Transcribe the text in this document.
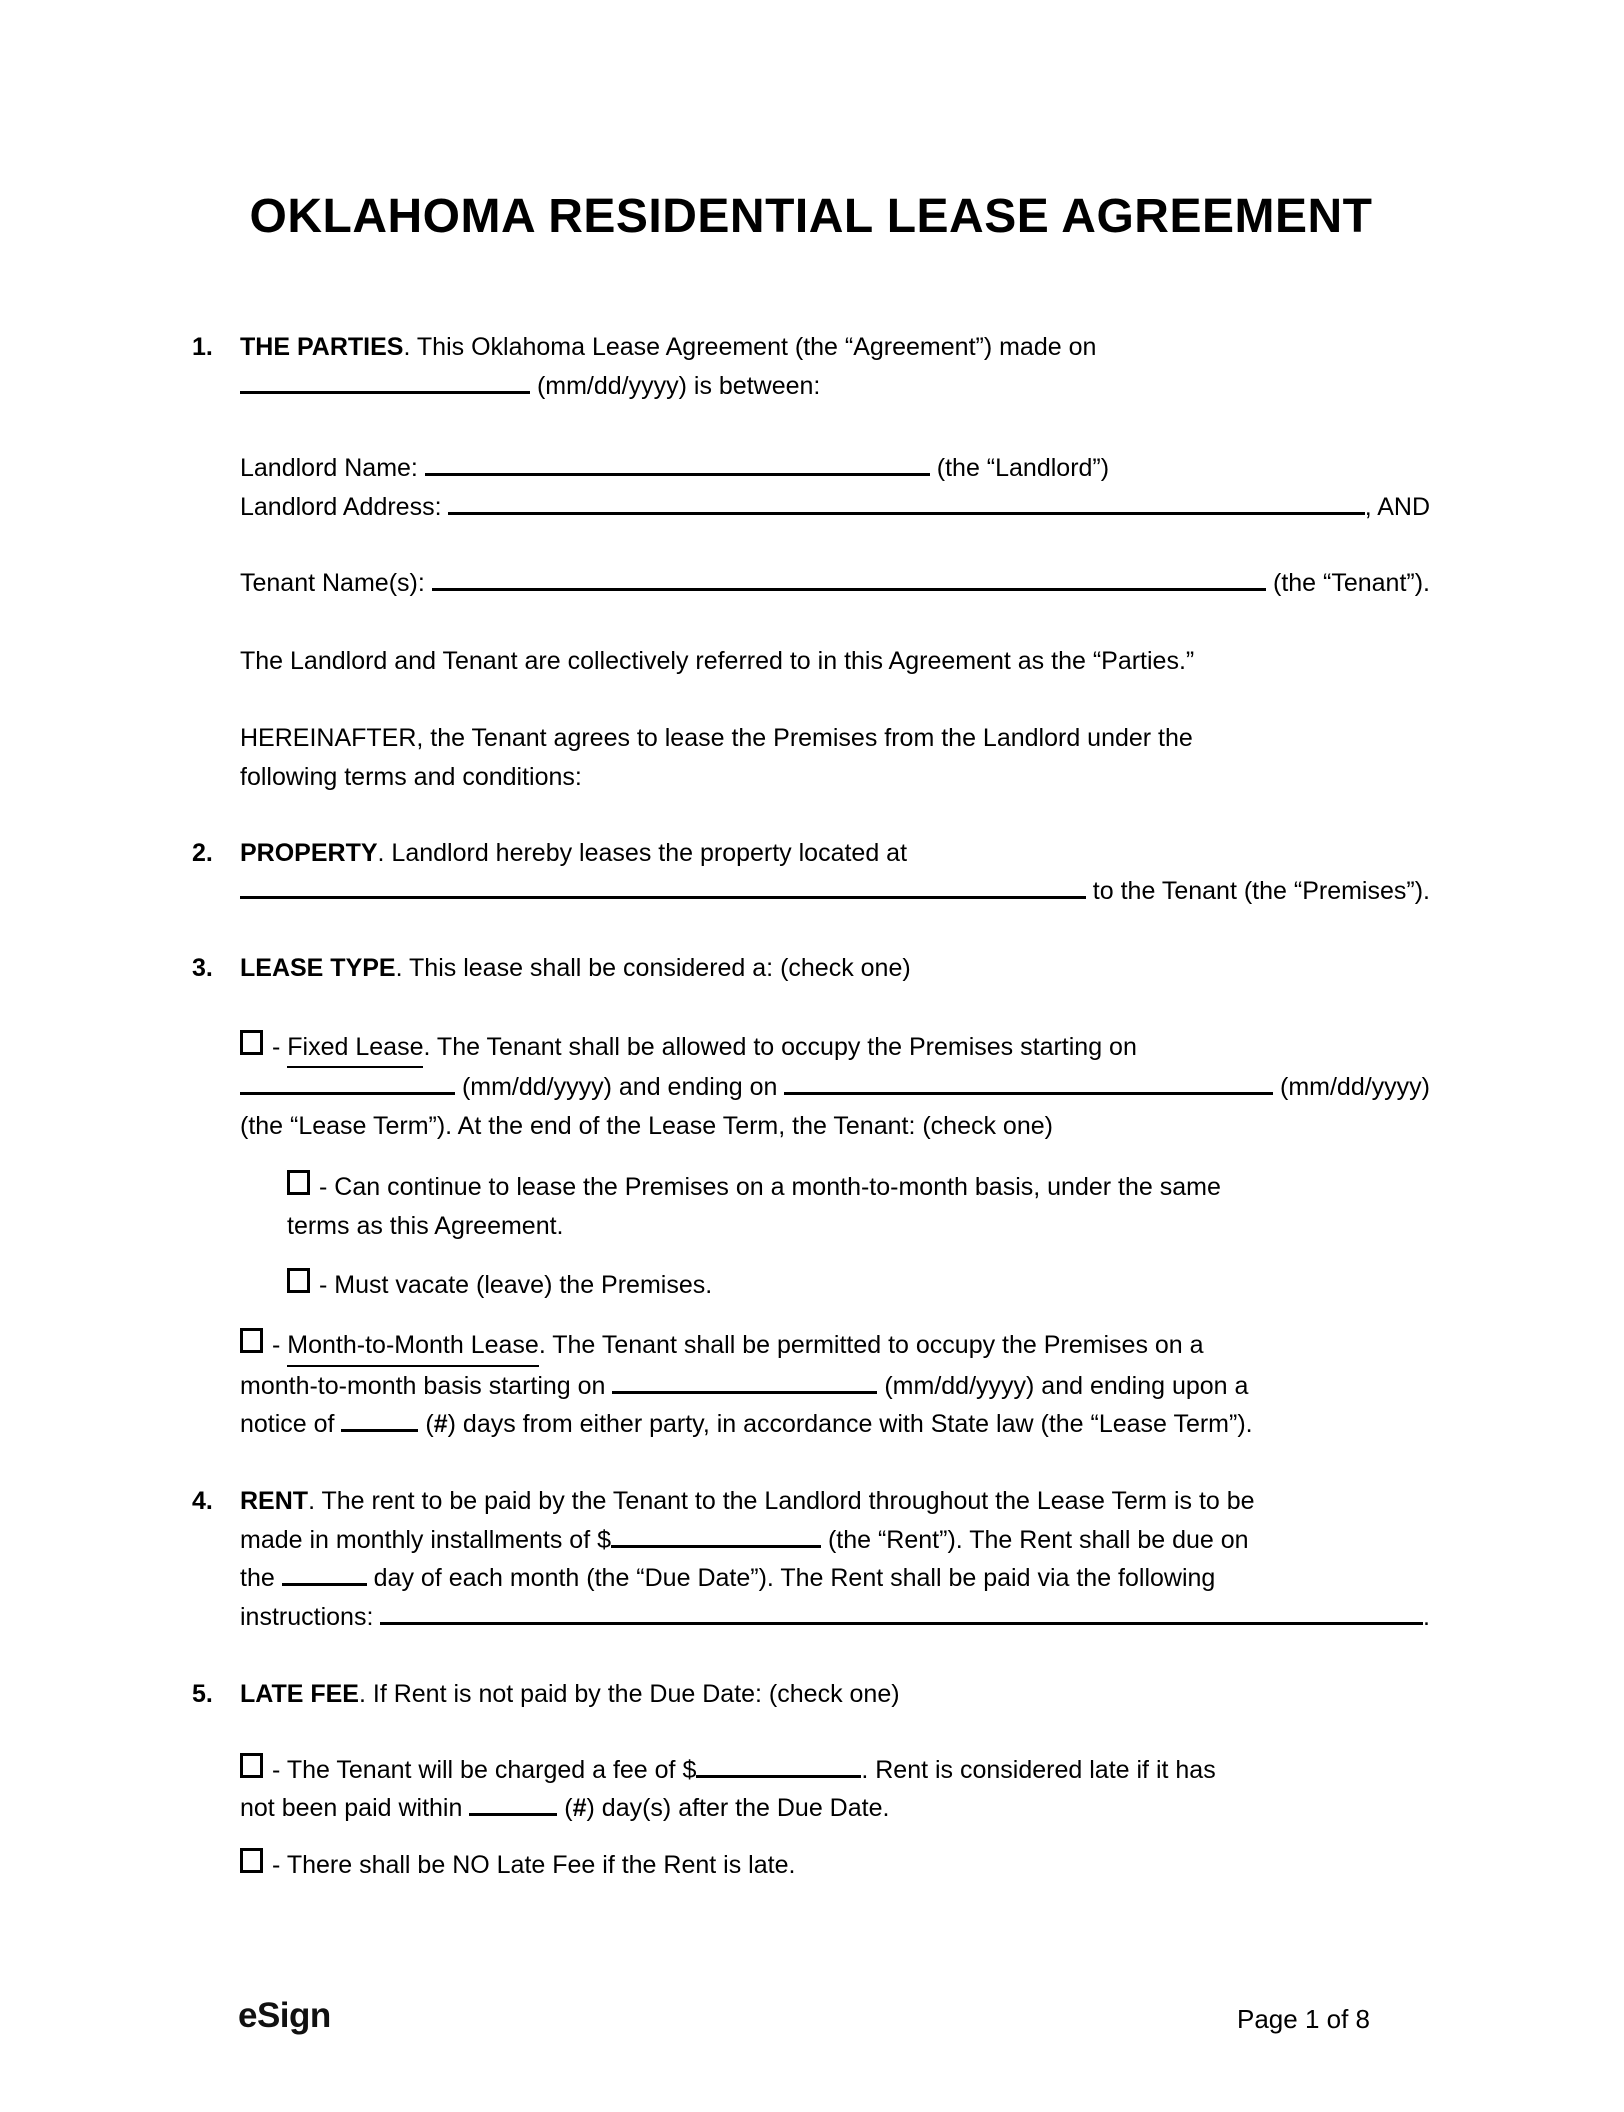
OKLAHOMA RESIDENTIAL LEASE AGREEMENT
1.	THE PARTIES . This Oklahoma Lease Agreement (the “Agreement”) made on
(mm/dd/yyyy) is between:
Landlord Name:	(the “Landlord”)
Landlord Address:	, AND
Tenant Name(s):	(the “Tenant”).
The Landlord and Tenant are collectively referred to in this Agreement as the “Parties.”
HEREINAFTER, the Tenant agrees to lease the Premises from the Landlord under the
following terms and conditions:
2.	PROPERTY . Landlord hereby leases the property located at
to the Tenant (the “Premises”).
3.	LEASE TYPE . This lease shall be considered a: (check one)
- Fixed Lease . The Tenant shall be allowed to occupy the Premises starting on
(mm/dd/yyyy) and ending on	(mm/dd/yyyy)
(the “Lease Term”). At the end of the Lease Term, the Tenant: (check one)
- Can continue to lease the Premises on a month-to-month basis, under the same
terms as this Agreement.
- Must vacate (leave) the Premises.
- Month-to-Month Lease . The Tenant shall be permitted to occupy the Premises on a
month-to-month basis starting on	(mm/dd/yyyy) and ending upon a
notice of	( # ) days from either party, in accordance with State law (the “Lease Term”).
4.	RENT . The rent to be paid by the Tenant to the Landlord throughout the Lease Term is to be
made in monthly installments of $	(the “Rent”). The Rent shall be due on
the	day of each month (the “Due Date”). The Rent shall be paid via the following
instructions:	.
5.	LATE FEE . If Rent is not paid by the Due Date: (check one)
- The Tenant will be charged a fee of $	. Rent is considered late if it has
not been paid within	( # ) day(s) after the Due Date.
- There shall be NO Late Fee if the Rent is late.
eSign	Page 1 of 8
